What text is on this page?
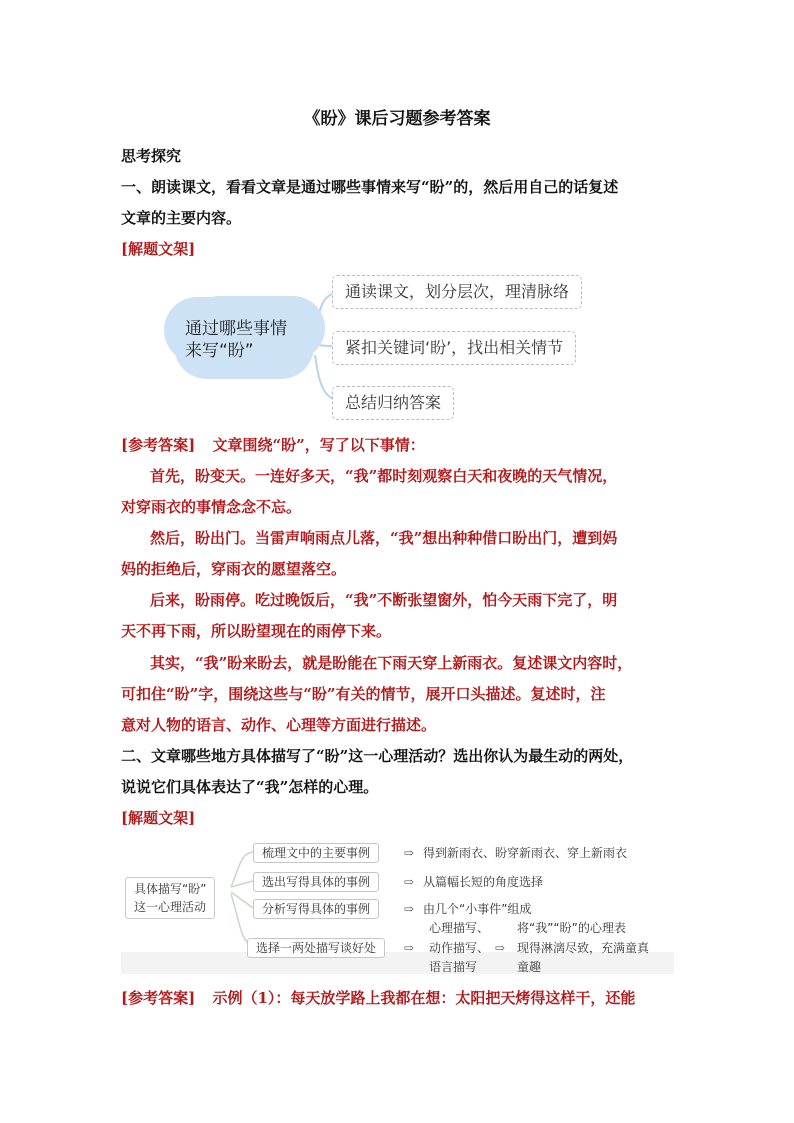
《盼》课后习题参考答案
思考探究
一、朗读课文，看看文章是通过哪些事情来写“盼”的，然后用自己的话复述
文章的主要内容。
[解题文架]
通过哪些事情
来写“盼”
通读课文，划分层次，理清脉络
紧扣关键词‘盼’，找出相关情节
总结归纳答案
[参考答案] 文章围绕“盼”，写了以下事情：
首先，盼变天。一连好多天，“我”都时刻观察白天和夜晚的天气情况，
对穿雨衣的事情念念不忘。
然后，盼出门。当雷声响雨点儿落，“我”想出种种借口盼出门，遭到妈
妈的拒绝后，穿雨衣的愿望落空。
后来，盼雨停。吃过晚饭后，“我”不断张望窗外，怕今天雨下完了，明
天不再下雨，所以盼望现在的雨停下来。
其实，“我”盼来盼去，就是盼能在下雨天穿上新雨衣。复述课文内容时，
可扣住“盼”字，围绕这些与“盼”有关的情节，展开口头描述。复述时，注
意对人物的语言、动作、心理等方面进行描述。
二、文章哪些地方具体描写了“盼”这一心理活动？选出你认为最生动的两处，
说说它们具体表达了“我”怎样的心理。
[解题文架]
具体描写“盼”
这一心理活动
梳理文中的主要事例
选出写得具体的事例
分析写得具体的事例
选择一两处描写谈好处
⇨
⇨
⇨
⇨
得到新雨衣、盼穿新雨衣、穿上新雨衣
从篇幅长短的角度选择
由几个“小事件”组成
心理描写、
动作描写、
语言描写
⇨
将“我”“盼”的心理表
现得淋漓尽致，充满童真
童趣
[参考答案] 示例（1）：每天放学路上我都在想：太阳把天烤得这样干，还能
